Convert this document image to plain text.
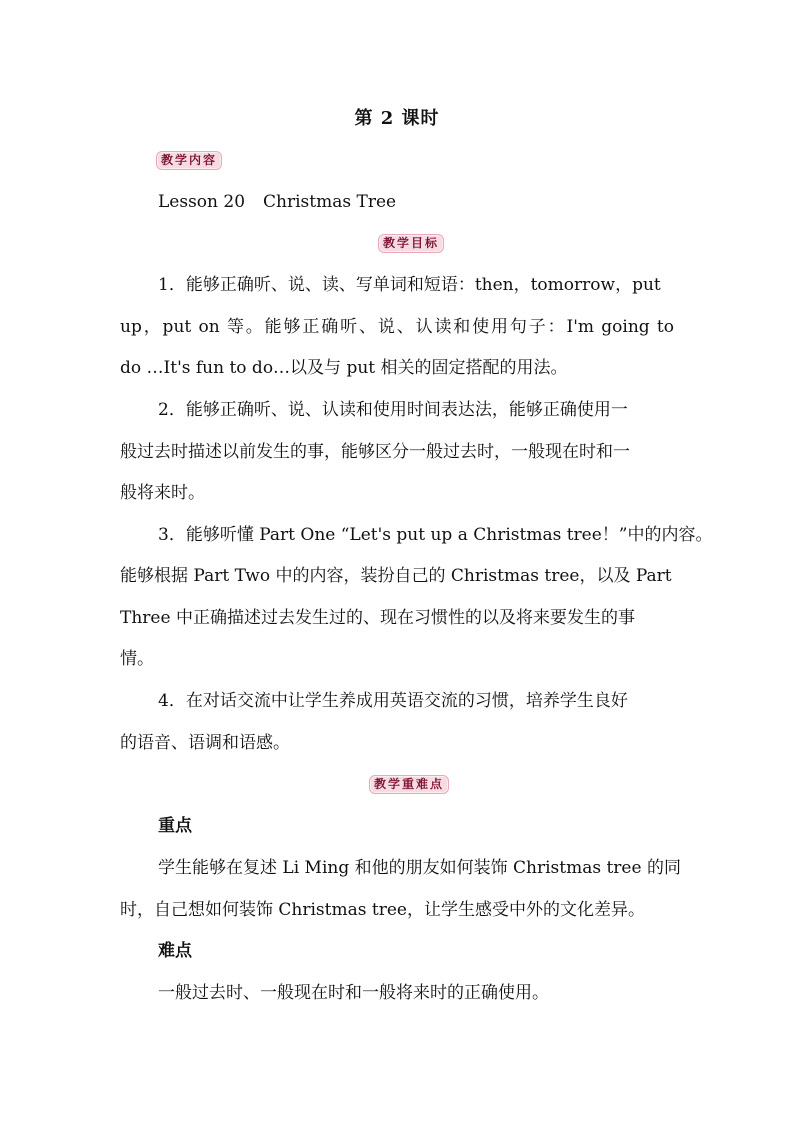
第 2 课时
教学内容
Lesson 20 Christmas Tree
教学目标
1．能够正确听、说、读、写单词和短语：then，tomorrow，put
up，put on 等。能够正确听、说、认读和使用句子：I'm going to
do …It's fun to do…以及与 put 相关的固定搭配的用法。
2．能够正确听、说、认读和使用时间表达法，能够正确使用一
般过去时描述以前发生的事，能够区分一般过去时，一般现在时和一
般将来时。
3．能够听懂 Part One “Let's put up a Christmas tree！”中的内容。
能够根据 Part Two 中的内容，装扮自己的 Christmas tree，以及 Part
Three 中正确描述过去发生过的、现在习惯性的以及将来要发生的事
情。
4．在对话交流中让学生养成用英语交流的习惯，培养学生良好
的语音、语调和语感。
教学重难点
重点
学生能够在复述 Li Ming 和他的朋友如何装饰 Christmas tree 的同
时，自己想如何装饰 Christmas tree，让学生感受中外的文化差异。
难点
一般过去时、一般现在时和一般将来时的正确使用。
